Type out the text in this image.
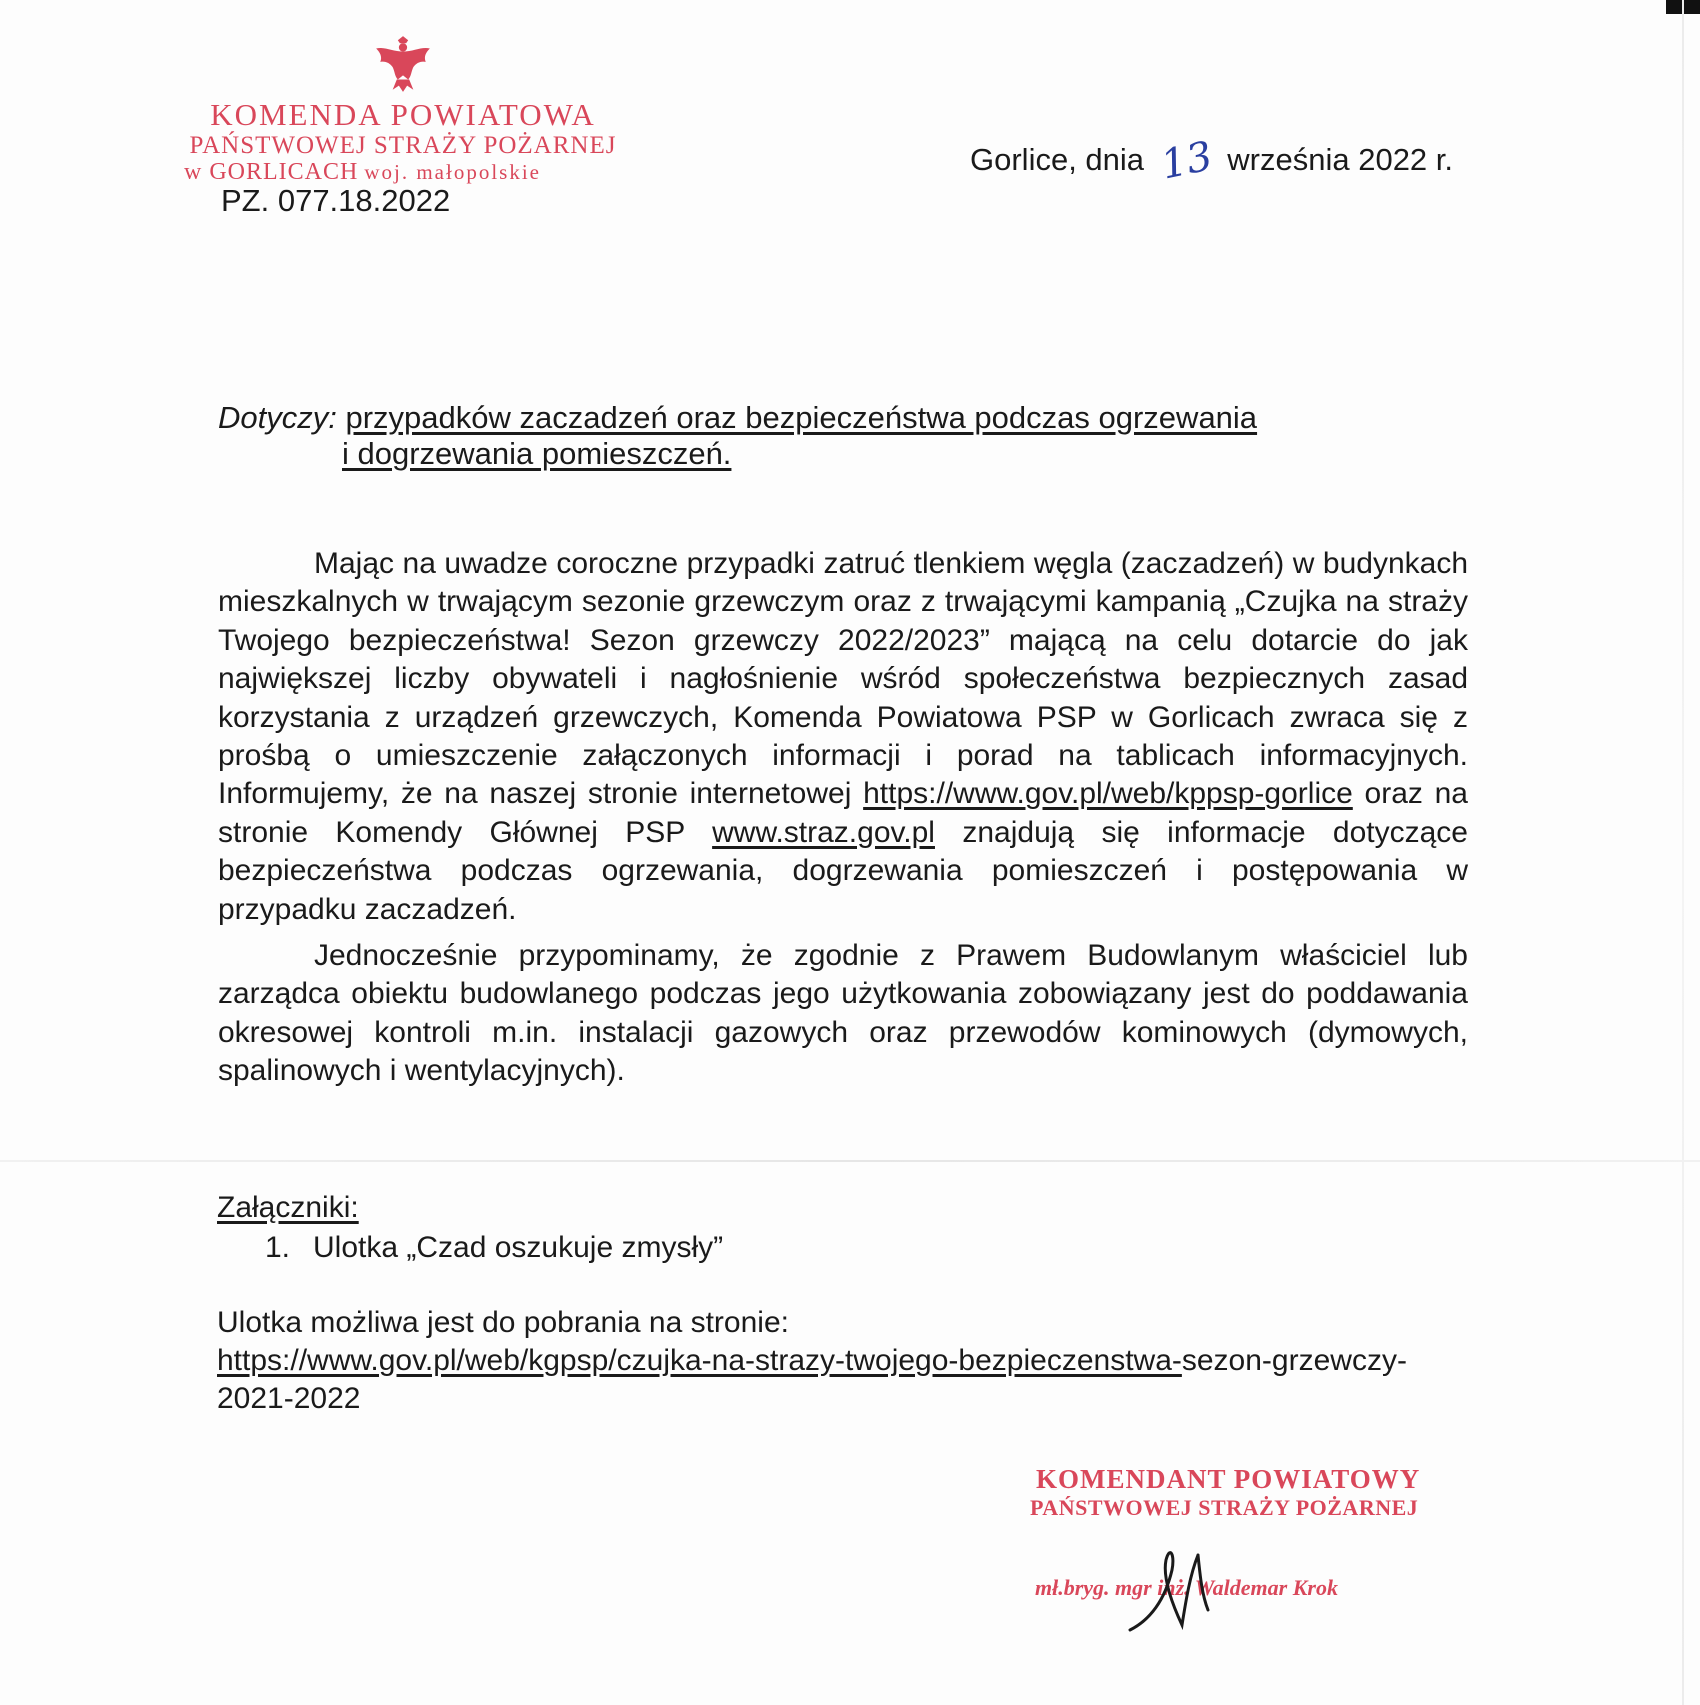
KOMENDA POWIATOWA
PAŃSTWOWEJ STRAŻY POŻARNEJ
w GORLICACH woj. małopolskie
PZ. 077.18.2022
Gorlice, dnia 13 września 2022 r.
Dotyczy: przypadków zaczadzeń oraz bezpieczeństwa podczas ogrzewania
i dogrzewania pomieszczeń.

Mając na uwadze coroczne przypadki zatruć tlenkiem węgla (zaczadzeń) w budynkach mieszkalnych w trwającym sezonie grzewczym oraz z trwającymi kampanią „Czujka na straży Twojego bezpieczeństwa! Sezon grzewczy 2022/2023” mającą na celu dotarcie do jak największej liczby obywateli i nagłośnienie wśród społeczeństwa bezpiecznych zasad korzystania z urządzeń grzewczych, Komenda Powiatowa PSP w Gorlicach zwraca się z prośbą o umieszczenie załączonych informacji i porad na tablicach informacyjnych. Informujemy, że na naszej stronie internetowej https://www.gov.pl/web/kppsp-gorlice oraz na stronie Komendy Głównej PSP www.straz.gov.pl znajdują się informacje dotyczące bezpieczeństwa podczas ogrzewania, dogrzewania pomieszczeń i postępowania w przypadku zaczadzeń.

Jednocześnie przypominamy, że zgodnie z Prawem Budowlanym właściciel lub zarządca obiektu budowlanego podczas jego użytkowania zobowiązany jest do poddawania okresowej kontroli m.in. instalacji gazowych oraz przewodów kominowych (dymowych, spalinowych i wentylacyjnych).

Załączniki:
1. Ulotka „Czad oszukuje zmysły”
Ulotka możliwa jest do pobrania na stronie:
https://www.gov.pl/web/kgpsp/czujka-na-strazy-twojego-bezpieczenstwa-sezon-grzewczy-2021-2022
KOMENDANT POWIATOWY
PAŃSTWOWEJ STRAŻY POŻARNEJ
mł.bryg. mgr inż. Waldemar Krok
